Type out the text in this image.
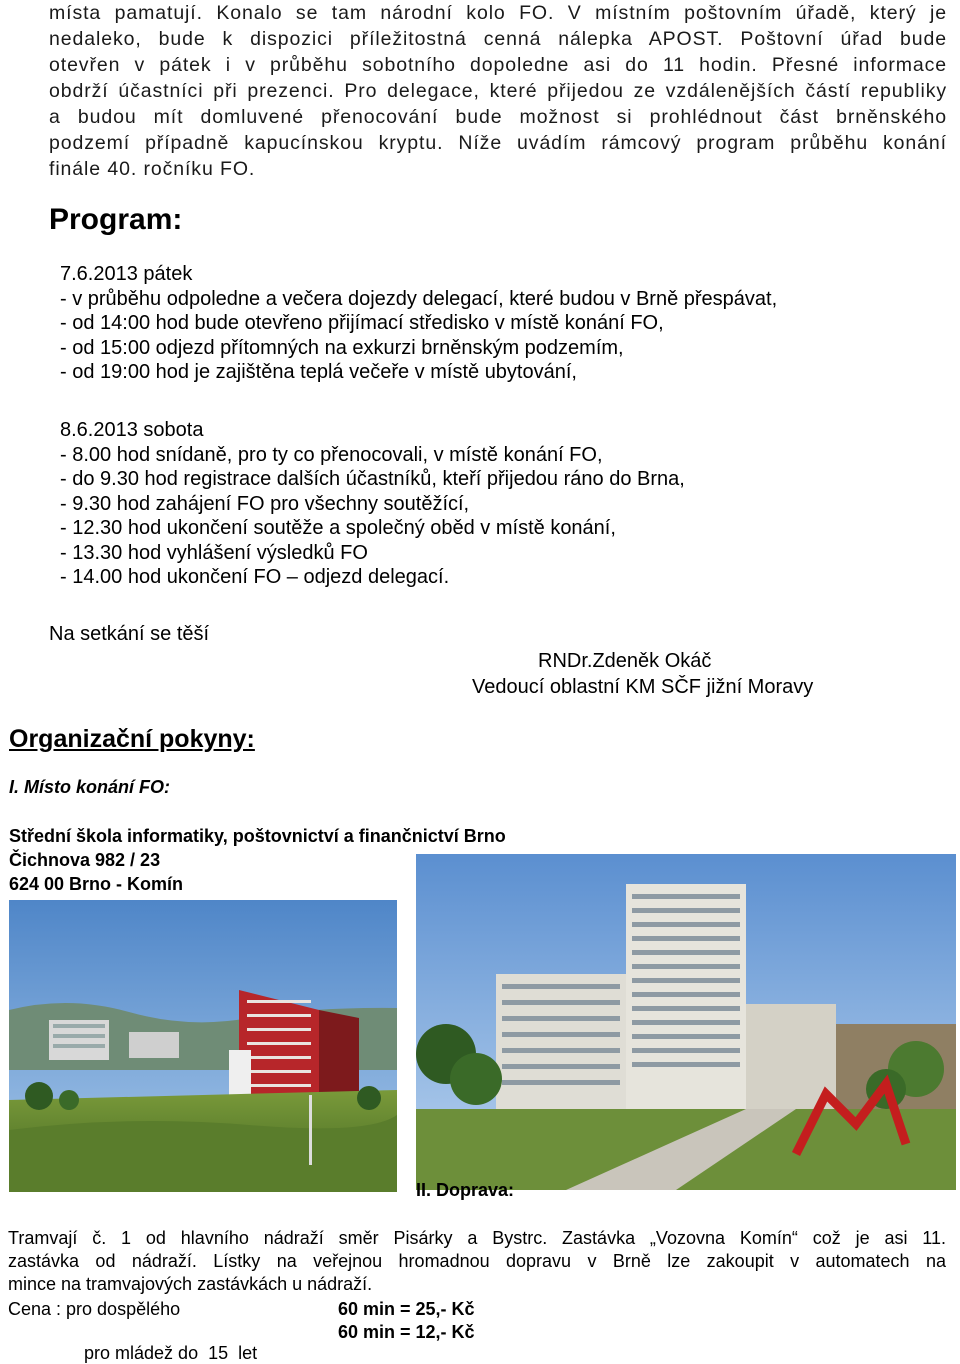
místa pamatují. Konalo se tam národní kolo FO. V místním poštovním úřadě, který je
nedaleko, bude k dispozici příležitostná cenná nálepka APOST. Poštovní úřad bude
otevřen v pátek i v průběhu sobotního dopoledne asi do 11 hodin. Přesné informace
obdrží účastníci při prezenci. Pro delegace, které přijedou ze vzdálenějších částí republiky
a budou mít domluvené přenocování bude možnost si prohlédnout část brněnského
podzemí případně kapucínskou kryptu. Níže uvádím rámcový program průběhu konání
finále 40. ročníku FO.

Program:
7.6.2013 pátek
- v průběhu odpoledne a večera dojezdy delegací, které budou v Brně přespávat,
- od 14:00 hod bude otevřeno přijímací středisko v místě konání FO,
- od 15:00 odjezd přítomných na exkurzi brněnským podzemím,
- od 19:00 hod je zajištěna teplá večeře v místě ubytování,
8.6.2013 sobota
- 8.00 hod snídaně, pro ty co přenocovali, v místě konání FO,
- do 9.30 hod registrace dalších účastníků, kteří přijedou ráno do Brna,
- 9.30 hod zahájení FO pro všechny soutěžící,
- 12.30 hod ukončení soutěže a společný oběd v místě konání,
- 13.30 hod vyhlášení výsledků FO
- 14.00 hod ukončení FO – odjezd delegací.
Na setkání se těší
RNDr.Zdeněk Okáč
Vedoucí oblastní KM SČF jižní Moravy
Organizační pokyny:
I. Místo konání FO:
Střední škola informatiky, poštovnictví a finančnictví Brno
Čichnova 982 / 23
624 00 Brno - Komín
II. Doprava:
Tramvají č. 1 od hlavního nádraží směr Pisárky a Bystrc. Zastávka „Vozovna Komín“ což je asi 11.
zastávka od nádraží. Lístky na veřejnou hromadnou dopravu v Brně lze zakoupit v automatech na
mince na tramvajových zastávkách u nádraží.
Cena : pro dospělého	60 min = 25,- Kč

pro mládež do  15  let

60 min = 12,- Kč
